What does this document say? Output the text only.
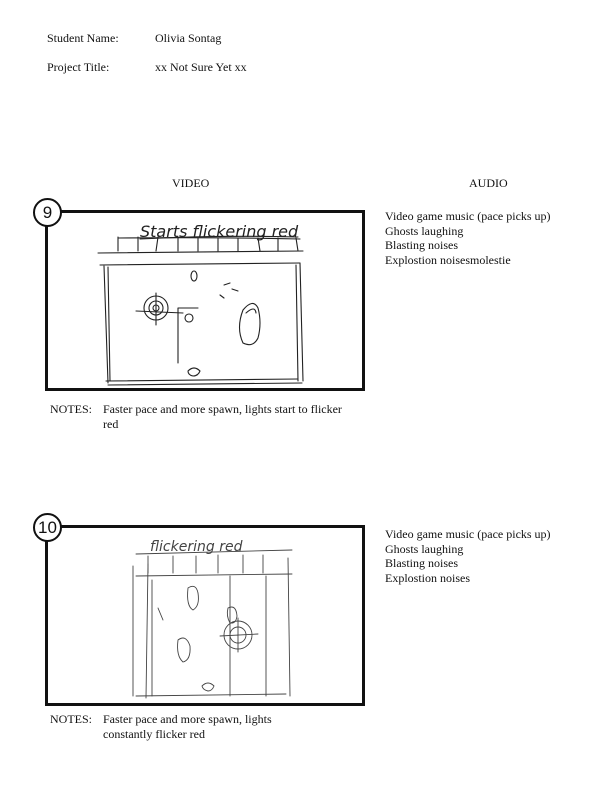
Student Name:	Olivia Sontag
Project Title:	xx Not Sure Yet xx
VIDEO	AUDIO
Starts flickering red
9	Video game music (pace picks up)
Ghosts laughing
Blasting noises
Explostion noisesmolestie
NOTES: Faster pace and more spawn, lights start to flicker red
flickering red
10	Video game music (pace picks up)
Ghosts laughing
Blasting noises
Explostion noises
NOTES: Faster pace and more spawn, lights constantly flicker red
